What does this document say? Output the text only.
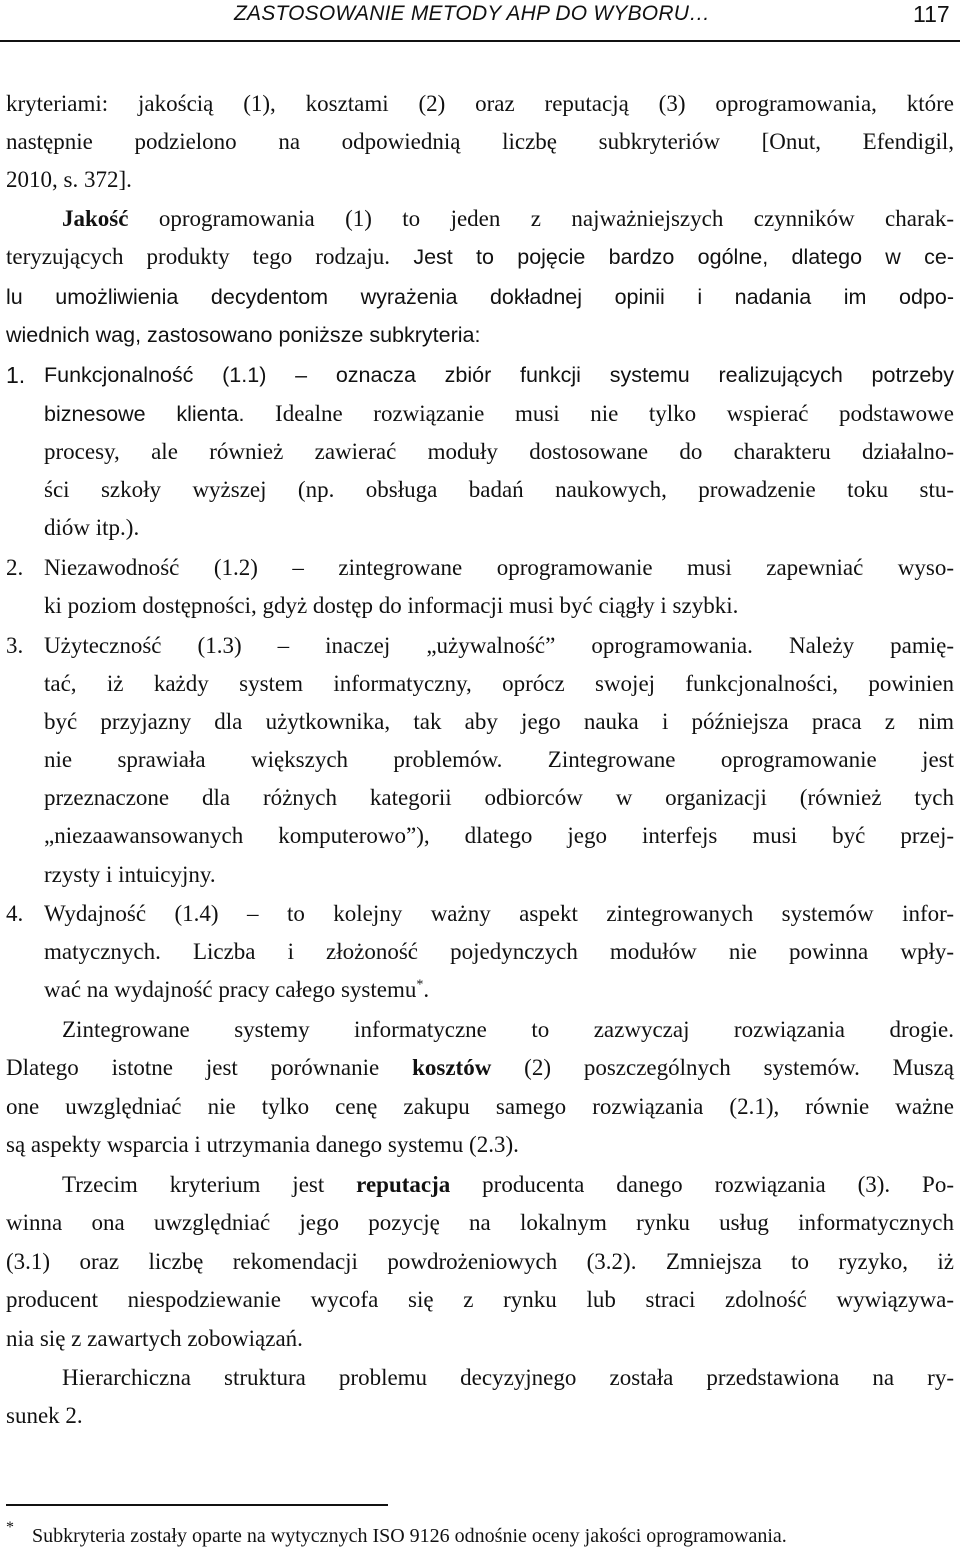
ZASTOSOWANIE METODY AHP DO WYBORU…	117
kryteriami: jakością (1), kosztami (2) oraz reputacją (3) oprogramowania, które
następnie podzielono na odpowiednią liczbę subkryteriów [Onut, Efendigil,
2010, s. 372].
Jakość oprogramowania (1) to jeden z najważniejszych czynników charak-
teryzujących produkty tego rodzaju. Jest to pojęcie bardzo ogólne, dlatego w ce-
lu umożliwienia decydentom wyrażenia dokładnej opinii i nadania im odpo-
wiednich wag, zastosowano poniższe subkryteria:
1. Funkcjonalność (1.1) – oznacza zbiór funkcji systemu realizujących potrzeby
biznesowe klienta. Idealne rozwiązanie musi nie tylko wspierać podstawowe
procesy, ale również zawierać moduły dostosowane do charakteru działalno-
ści szkoły wyższej (np. obsługa badań naukowych, prowadzenie toku stu-
diów itp.).
2. Niezawodność (1.2) – zintegrowane oprogramowanie musi zapewniać wyso-
ki poziom dostępności, gdyż dostęp do informacji musi być ciągły i szybki.
3. Użyteczność (1.3) – inaczej „używalność” oprogramowania. Należy pamię-
tać, iż każdy system informatyczny, oprócz swojej funkcjonalności, powinien
być przyjazny dla użytkownika, tak aby jego nauka i późniejsza praca z nim
nie sprawiała większych problemów. Zintegrowane oprogramowanie jest
przeznaczone dla różnych kategorii odbiorców w organizacji (również tych
„niezaawansowanych komputerowo”), dlatego jego interfejs musi być przej-
rzysty i intuicyjny.
4. Wydajność (1.4) – to kolejny ważny aspekt zintegrowanych systemów infor-
matycznych. Liczba i złożoność pojedynczych modułów nie powinna wpły-
wać na wydajność pracy całego systemu*.
Zintegrowane systemy informatyczne to zazwyczaj rozwiązania drogie.
Dlatego istotne jest porównanie kosztów (2) poszczególnych systemów. Muszą
one uwzględniać nie tylko cenę zakupu samego rozwiązania (2.1), równie ważne
są aspekty wsparcia i utrzymania danego systemu (2.3).
Trzecim kryterium jest reputacja producenta danego rozwiązania (3). Po-
winna ona uwzględniać jego pozycję na lokalnym rynku usług informatycznych
(3.1) oraz liczbę rekomendacji powdrożeniowych (3.2). Zmniejsza to ryzyko, iż
producent niespodziewanie wycofa się z rynku lub straci zdolność wywiązywa-
nia się z zawartych zobowiązań.
Hierarchiczna struktura problemu decyzyjnego została przedstawiona na ry-
sunek 2.
* Subkryteria zostały oparte na wytycznych ISO 9126 odnośnie oceny jakości oprogramowania.
